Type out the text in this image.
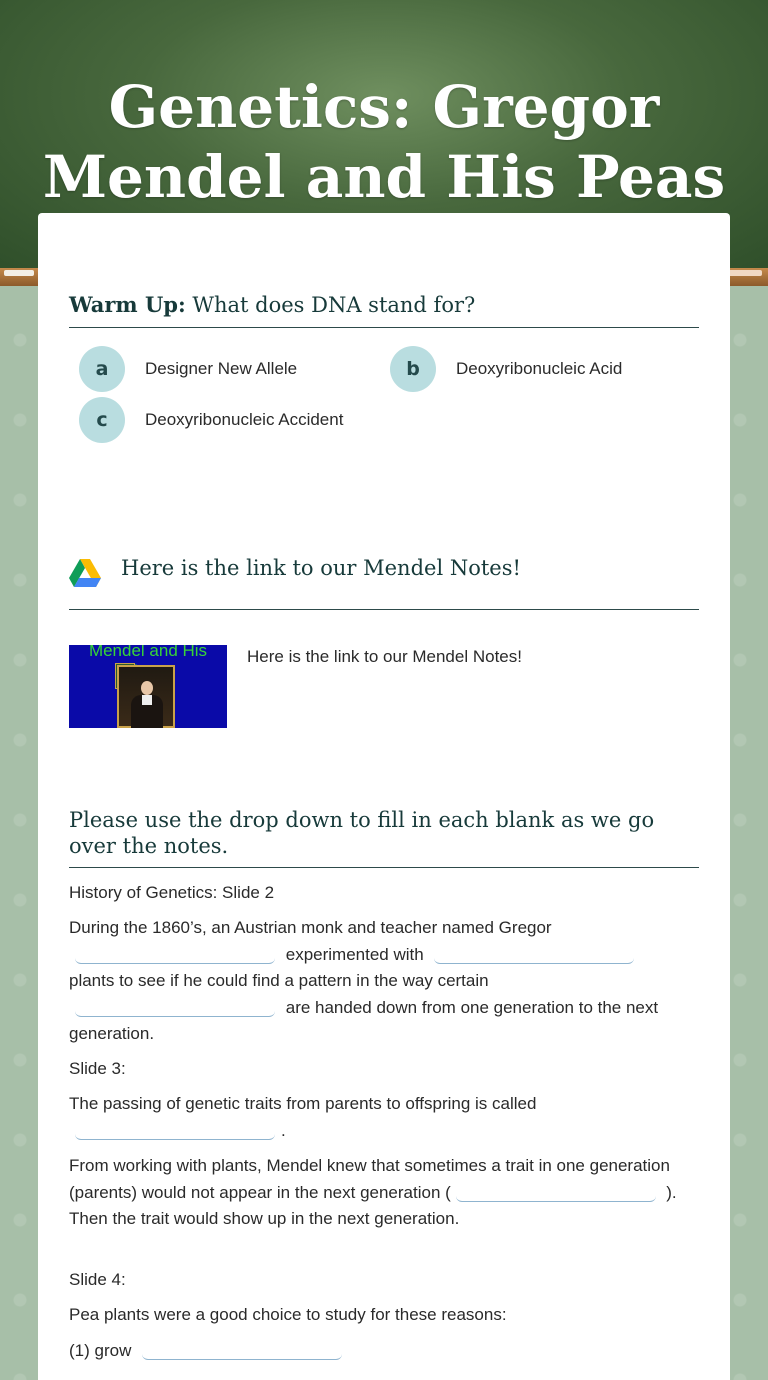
Genetics: Gregor Mendel and His Peas
Warm Up: What does DNA stand for?
a	Designer New Allele	b	Deoxyribonucleic Acid
c	Deoxyribonucleic Accident
Here is the link to our Mendel Notes!
Mendel and His	Here is the link to our Mendel Notes!
Please use the drop down to fill in each blank as we go over the notes.
History of Genetics: Slide 2
During the 1860’s, an Austrian monk and teacher named Gregor
experimented with
plants to see if he could find a pattern in the way certain
are handed down from one generation to the next generation.
Slide 3:
The passing of genetic traits from parents to offspring is called
.
From working with plants, Mendel knew that sometimes a trait in one generation (parents) would not appear in the next generation (	). Then the trait would show up in the next generation.
Slide 4:
Pea plants were a good choice to study for these reasons:
(1) grow
